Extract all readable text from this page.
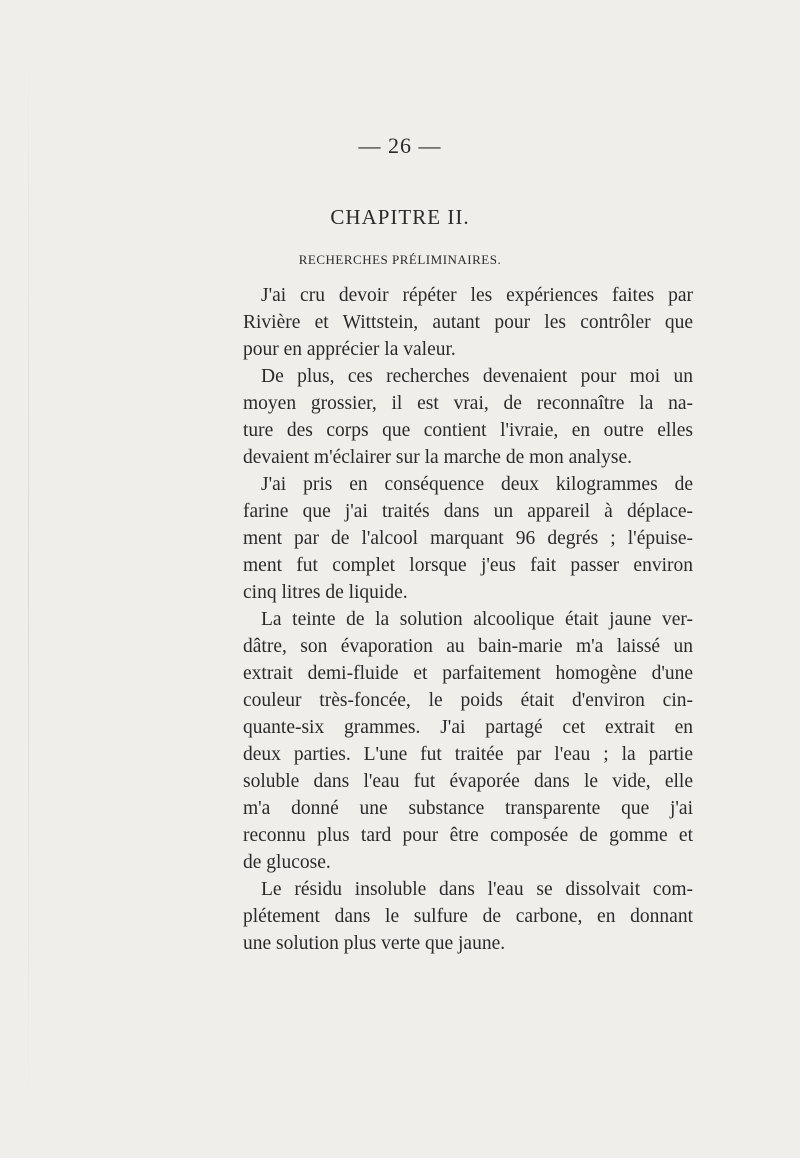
— 26 —
CHAPITRE II.
RECHERCHES PRÉLIMINAIRES.
J'ai cru devoir répéter les expériences faites par
Rivière et Wittstein, autant pour les contrôler que
pour en apprécier la valeur.
De plus, ces recherches devenaient pour moi un
moyen grossier, il est vrai, de reconnaître la na-
ture des corps que contient l'ivraie, en outre elles
devaient m'éclairer sur la marche de mon analyse.
J'ai pris en conséquence deux kilogrammes de
farine que j'ai traités dans un appareil à déplace-
ment par de l'alcool marquant 96 degrés ; l'épuise-
ment fut complet lorsque j'eus fait passer environ
cinq litres de liquide.
La teinte de la solution alcoolique était jaune ver-
dâtre, son évaporation au bain-marie m'a laissé un
extrait demi-fluide et parfaitement homogène d'une
couleur très-foncée, le poids était d'environ cin-
quante-six grammes. J'ai partagé cet extrait en
deux parties. L'une fut traitée par l'eau ; la partie
soluble dans l'eau fut évaporée dans le vide, elle
m'a donné une substance transparente que j'ai
reconnu plus tard pour être composée de gomme et
de glucose.
Le résidu insoluble dans l'eau se dissolvait com-
plétement dans le sulfure de carbone, en donnant
une solution plus verte que jaune.
